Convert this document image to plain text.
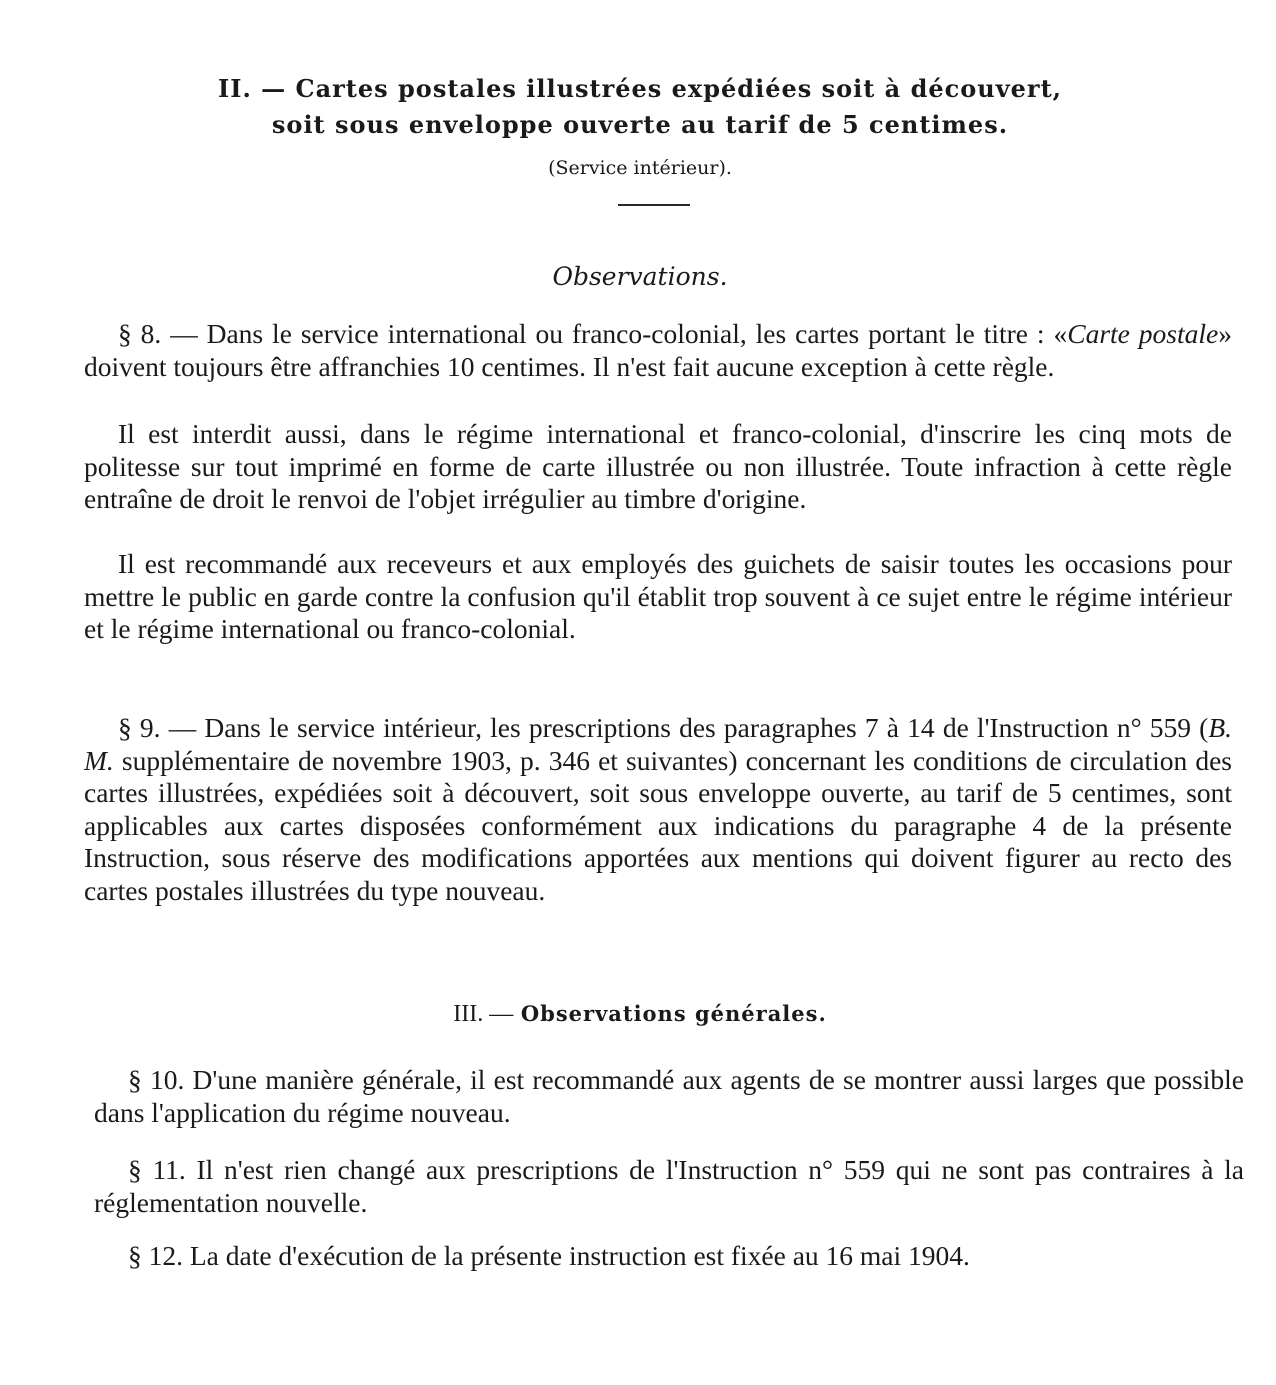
II. — Cartes postales illustrées expédiées soit à découvert,
soit sous enveloppe ouverte au tarif de 5 centimes.
(Service intérieur).
Observations.
§ 8. — Dans le service international ou franco-colonial, les cartes portant le titre : «Carte postale» doivent toujours être affranchies 10 centimes. Il n'est fait aucune exception à cette règle.
Il est interdit aussi, dans le régime international et franco-colonial, d'inscrire les cinq mots de politesse sur tout imprimé en forme de carte illustrée ou non illustrée. Toute infraction à cette règle entraîne de droit le renvoi de l'objet irrégulier au timbre d'origine.
Il est recommandé aux receveurs et aux employés des guichets de saisir toutes les occasions pour mettre le public en garde contre la confusion qu'il établit trop souvent à ce sujet entre le régime intérieur et le régime international ou franco-colonial.
§ 9. — Dans le service intérieur, les prescriptions des paragraphes 7 à 14 de l'Instruction n° 559 (B. M. supplémentaire de novembre 1903, p. 346 et suivantes) concernant les conditions de circulation des cartes illustrées, expédiées soit à découvert, soit sous enveloppe ouverte, au tarif de 5 centimes, sont applicables aux cartes disposées conformément aux indications du paragraphe 4 de la présente Instruction, sous réserve des modifications apportées aux mentions qui doivent figurer au recto des cartes postales illustrées du type nouveau.
III. — Observations générales.
§ 10. D'une manière générale, il est recommandé aux agents de se montrer aussi larges que possible dans l'application du régime nouveau.
§ 11. Il n'est rien changé aux prescriptions de l'Instruction n° 559 qui ne sont pas contraires à la réglementation nouvelle.
§ 12. La date d'exécution de la présente instruction est fixée au 16 mai 1904.
